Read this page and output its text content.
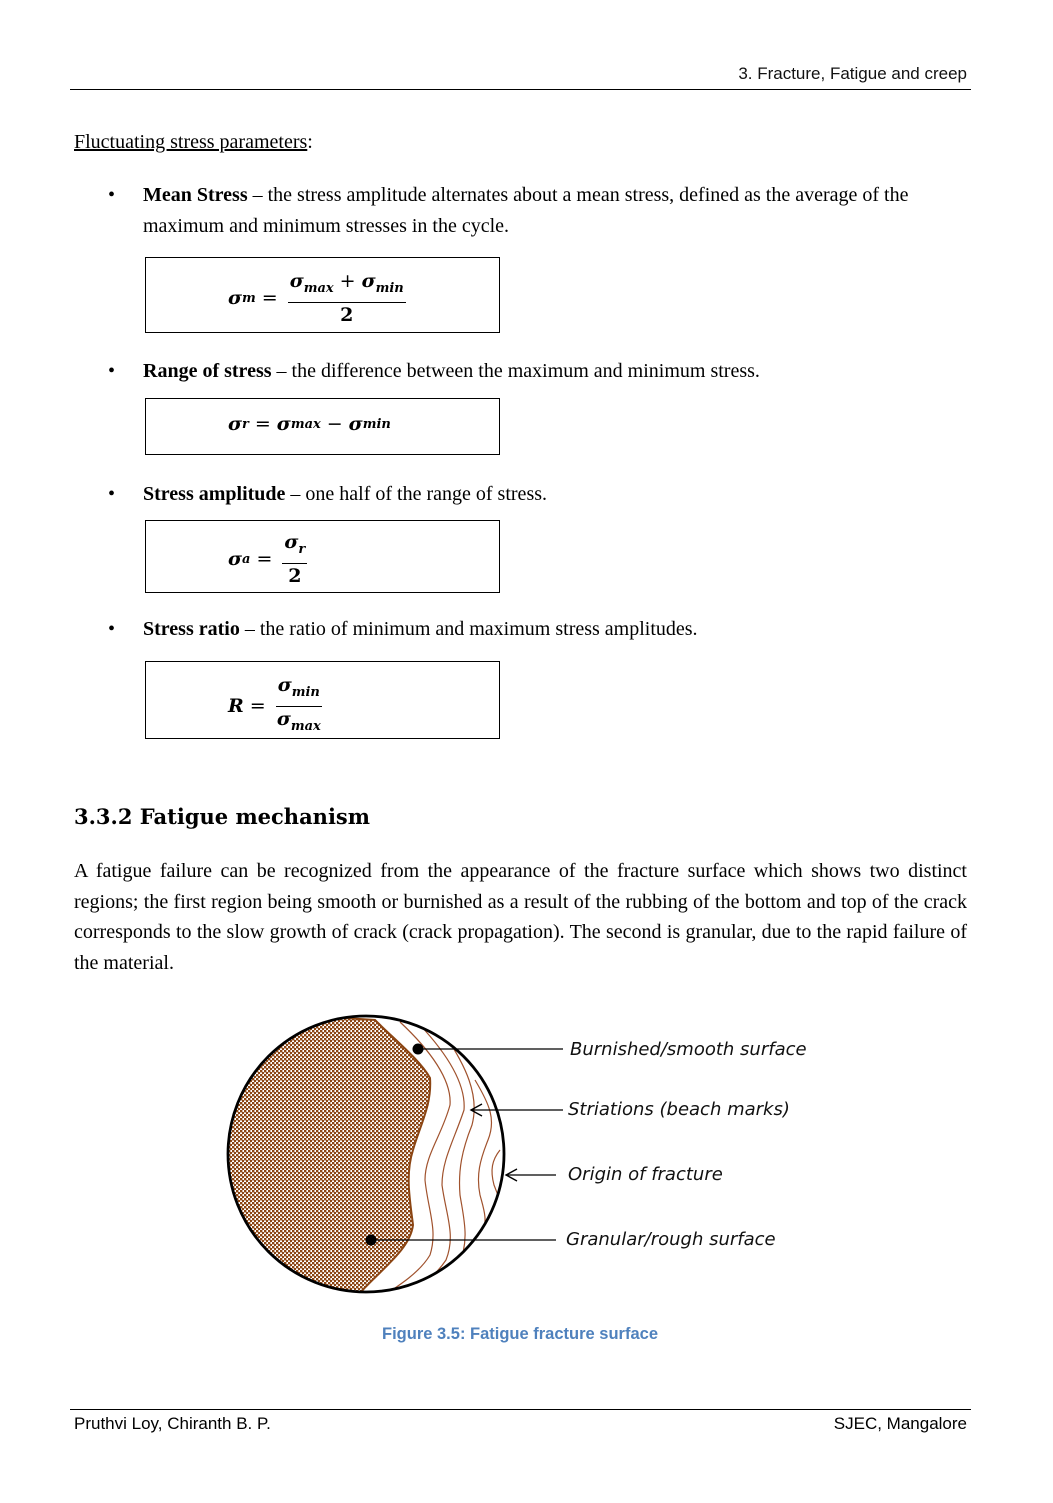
3. Fracture, Fatigue and creep
Fluctuating stress parameters:
• Mean Stress – the stress amplitude alternates about a mean stress, defined as the average of the maximum and minimum stresses in the cycle.
σ $m = \frac{\sigma_{max} + \sigma_{min}}{2}$
• Range of stress – the difference between the maximum and minimum stress.
σ r = σ max − σ min
• Stress amplitude – one half of the range of stress.
σ $a = \frac{\sigma_r}{2}$
• Stress ratio – the ratio of minimum and maximum stress amplitudes.
$R = \frac{\sigma_{min}}{\sigma_{max}}$
3.3.2 Fatigue mechanism
A fatigue failure can be recognized from the appearance of the fracture surface which shows two distinct regions; the first region being smooth or burnished as a result of the rubbing of the bottom and top of the crack corresponds to the slow growth of crack (crack propagation). The second is granular, due to the rapid failure of the material.
Burnished/smooth surface
Striations (beach marks)
Origin of fracture
Granular/rough surface
Figure 3.5: Fatigue fracture surface
Pruthvi Loy, Chiranth B. P.	SJEC, Mangalore
